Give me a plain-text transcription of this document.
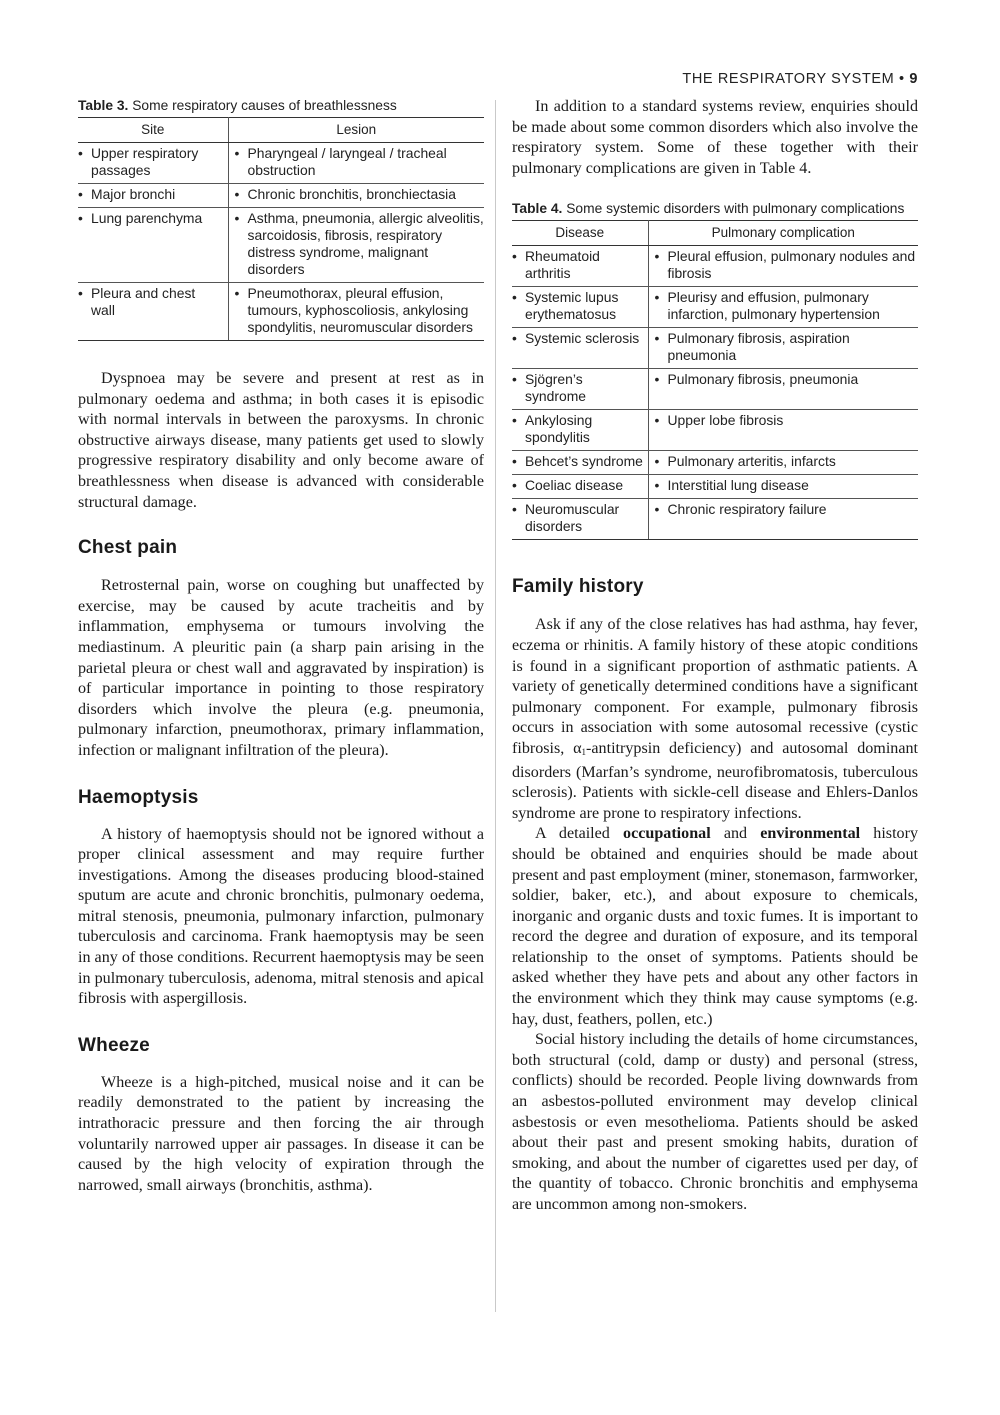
THE RESPIRATORY SYSTEM • 9
Table 3. Some respiratory causes of breathlessness
Site	Lesion

• Upper respiratory passages	• Pharyngeal / laryngeal / tracheal obstruction

• Major bronchi	• Chronic bronchitis, bronchiectasia

• Lung parenchyma	• Asthma, pneumonia, allergic alveolitis, sarcoidosis, fibrosis, respiratory distress syndrome, malignant disorders

• Pleura and chest wall	• Pneumothorax, pleural effusion, tumours, kyphoscoliosis, ankylosing spondylitis, neuromuscular disorders

Dyspnoea may be severe and present at rest as in pulmonary oedema and asthma; in both cases it is episodic with normal intervals in between the paroxysms. In chronic obstructive airways disease, many patients get used to slowly progressive respiratory disability and only become aware of breathlessness when disease is advanced with considerable structural damage.

Chest pain

Retrosternal pain, worse on coughing but unaffected by exercise, may be caused by acute tracheitis and by inflammation, emphysema or tumours involving the mediastinum. A pleuritic pain (a sharp pain arising in the parietal pleura or chest wall and aggravated by inspiration) is of particular importance in pointing to those respiratory disorders which involve the pleura (e.g. pneumonia, pulmonary infarction, pneumothorax, primary inflammation, infection or malignant infiltration of the pleura).

Haemoptysis

A history of haemoptysis should not be ignored without a proper clinical assessment and may require further investigations. Among the diseases producing blood-stained sputum are acute and chronic bronchitis, pulmonary oedema, mitral stenosis, pneumonia, pulmonary infarction, pulmonary tuberculosis and carcinoma. Frank haemoptysis may be seen in any of those conditions. Recurrent haemoptysis may be seen in pulmonary tuberculosis, adenoma, mitral stenosis and apical fibrosis with aspergillosis.

Wheeze

Wheeze is a high-pitched, musical noise and it can be readily demonstrated to the patient by increasing the intrathoracic pressure and then forcing the air through voluntarily narrowed upper air passages. In disease it can be caused by the high velocity of expiration through the narrowed, small airways (bronchitis, asthma).

In addition to a standard systems review, enquiries should be made about some common disorders which also involve the respiratory system. Some of these together with their pulmonary complications are given in Table 4.

Table 4. Some systemic disorders with pulmonary complications
Disease	Pulmonary complication

• Rheumatoid arthritis	• Pleural effusion, pulmonary nodules and fibrosis

• Systemic lupus erythematosus	• Pleurisy and effusion, pulmonary infarction, pulmonary hypertension

• Systemic sclerosis	• Pulmonary fibrosis, aspiration pneumonia

• Sjögren’s syndrome	• Pulmonary fibrosis, pneumonia

• Ankylosing spondylitis	• Upper lobe fibrosis

• Behcet’s syndrome	• Pulmonary arteritis, infarcts

• Coeliac disease	• Interstitial lung disease

• Neuromuscular disorders	• Chronic respiratory failure
Family history

Ask if any of the close relatives has had asthma, hay fever, eczema or rhinitis. A family history of these atopic conditions is found in a significant proportion of asthmatic patients. A variety of genetically determined conditions have a significant pulmonary component. For example, pulmonary fibrosis occurs in association with some autosomal recessive (cystic fibrosis, $\alpha_1$-antitrypsin deficiency) and autosomal dominant disorders (Marfan’s syndrome, neurofibromatosis, tuberculous sclerosis). Patients with sickle-cell disease and Ehlers-Danlos syndrome are prone to respiratory infections.

A detailed occupational and environmental history should be obtained and enquiries should be made about present and past employment (miner, stonemason, farmworker, soldier, baker, etc.), and about exposure to chemicals, inorganic and organic dusts and toxic fumes. It is important to record the degree and duration of exposure, and its temporal relationship to the onset of symptoms. Patients should be asked whether they have pets and about any other factors in the environment which they think may cause symptoms (e.g. hay, dust, feathers, pollen, etc.)

Social history including the details of home circumstances, both structural (cold, damp or dusty) and personal (stress, conflicts) should be recorded. People living downwards from an asbestos-polluted environment may develop clinical asbestosis or even mesothelioma. Patients should be asked about their past and present smoking habits, duration of smoking, and about the number of cigarettes used per day, of the quantity of tobacco. Chronic bronchitis and emphysema are uncommon among non-smokers.
